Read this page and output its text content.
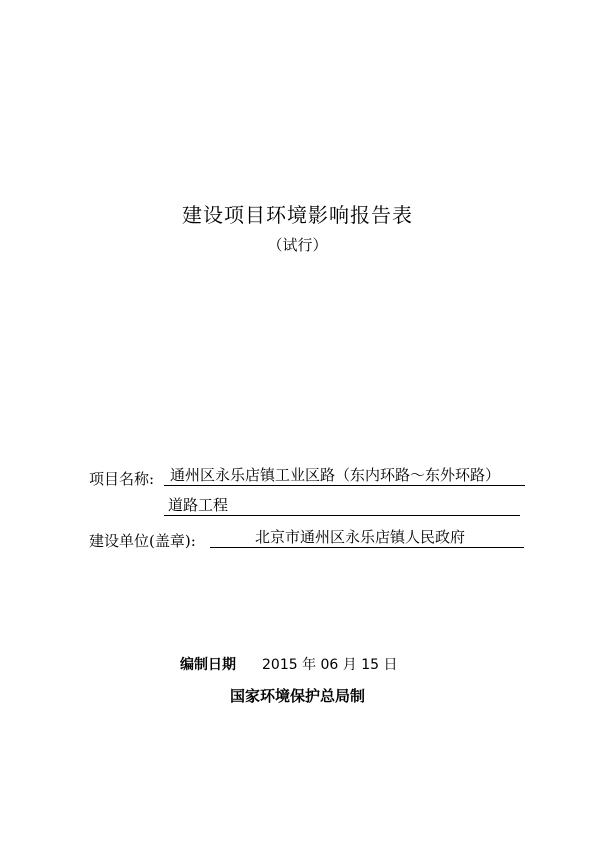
建设项目环境影响报告表
（试行）
项目名称:	通州区永乐店镇工业区路（东内环路～东外环路）
道路工程
建设单位(盖章):	北京市通州区永乐店镇人民政府
编制日期 2015 年 06 月 15 日
国家环境保护总局制
